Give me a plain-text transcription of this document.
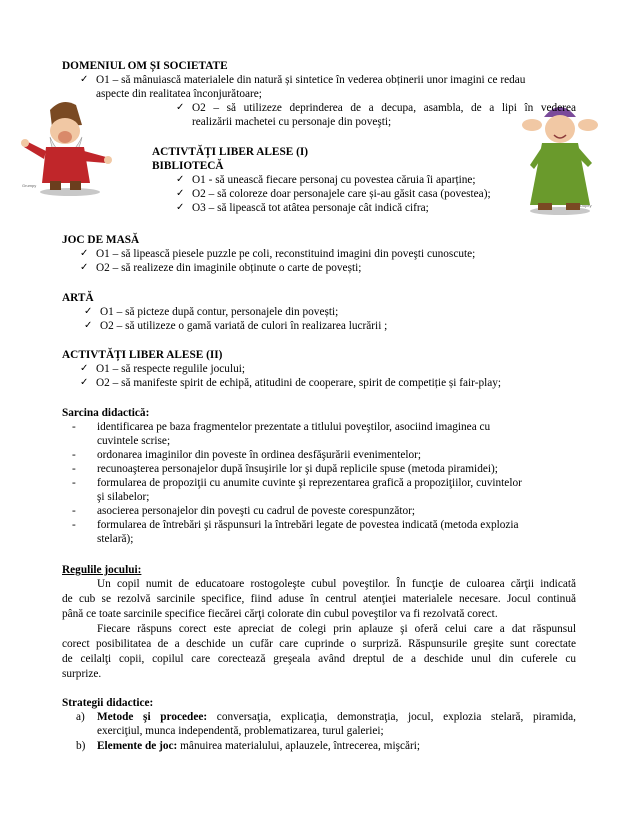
Grumpy
Dopey
DOMENIUL OM ȘI SOCIETATE
✓ O1 – să mânuiască materialele din natură și sintetice în vederea obținerii unor imagini ce redau
aspecte din realitatea înconjurătoare;
✓ O2 – să utilizeze deprinderea de a decupa, asambla, de a lipi în vederea
realizării machetei cu personaje din poveşti;
ACTIVTĂȚI LIBER ALESE (I)
BIBLIOTECĂ
✓ O1 - să unească fiecare personaj cu povestea căruia îi aparține;
✓ O2 – să coloreze doar personajele care și-au găsit casa (povestea);
✓ O3 – să lipească tot atâtea personaje cât indică cifra;
JOC DE MASĂ
✓ O1 – să lipească piesele puzzle pe coli, reconstituind imagini din poveşti cunoscute;
✓ O2 – să realizeze din imaginile obținute o carte de povești;
ARTĂ
✓ O1 – să picteze după contur, personajele din povești;
✓ O2 – să utilizeze o gamă variată de culori în realizarea lucrării ;
ACTIVTĂȚI LIBER ALESE (II)
✓ O1 – să respecte regulile jocului;
✓ O2 – să manifeste spirit de echipă, atitudini de cooperare, spirit de competiție și fair-play;
Sarcina didactică:
- identificarea pe baza fragmentelor prezentate a titlului poveştilor, asociind imaginea cu
cuvintele scrise;
- ordonarea imaginilor din poveste în ordinea desfăşurării evenimentelor;
- recunoaşterea personajelor după însuşirile lor şi după replicile spuse (metoda piramidei);
- formularea de propoziţii cu anumite cuvinte şi reprezentarea grafică a propoziţiilor, cuvintelor
şi silabelor;
- asocierea personajelor din poveşti cu cadrul de poveste corespunzător;
- formularea de întrebări şi răspunsuri la întrebări legate de povestea indicată (metoda explozia
stelară);
Regulile jocului:
Un copil numit de educatoare rostogoleşte cubul poveştilor. În funcţie de culoarea cărţii indicată
de cub se rezolvă sarcinile specifice, fiind aduse în centrul atenţiei materialele necesare. Jocul continuă
până ce toate sarcinile specifice fiecărei cărţi colorate din cubul poveştilor va fi rezolvată corect.
Fiecare răspuns corect este apreciat de colegi prin aplauze şi oferă celui care a dat răspunsul
corect posibilitatea de a deschide un cufăr care cuprinde o surpriză. Răspunsurile greşite sunt corectate
de ceilalţi copii, copilul care corectează greşeala având dreptul de a deschide unul din cuferele cu
surprize.
Strategii didactice:
a) Metode şi procedee: conversaţia, explicaţia, demonstraţia, jocul, explozia stelară, piramida,
exerciţiul, munca independentă, problematizarea, turul galeriei;
b) Elemente de joc: mânuirea materialului, aplauzele, întrecerea, mişcări;
